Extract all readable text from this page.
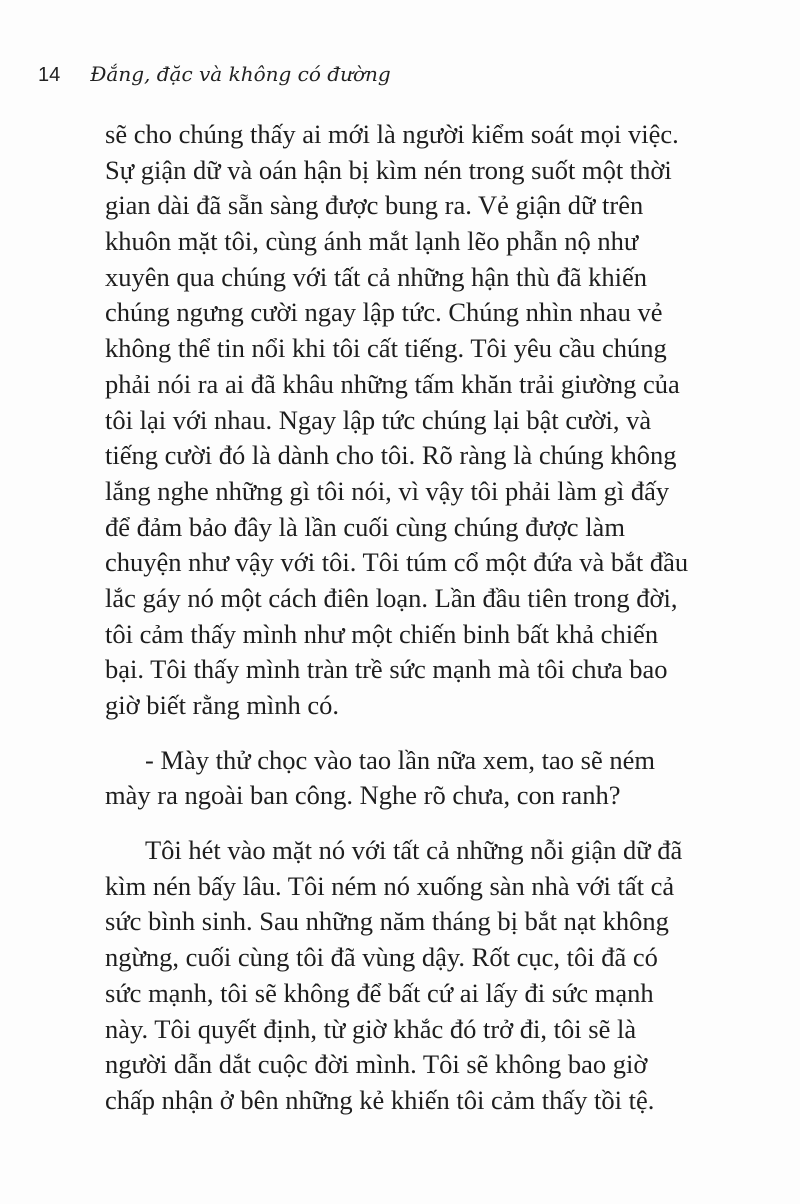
14 Đắng, đặc và không có đường
sẽ cho chúng thấy ai mới là người kiểm soát mọi việc.
Sự giận dữ và oán hận bị kìm nén trong suốt một thời
gian dài đã sẵn sàng được bung ra. Vẻ giận dữ trên
khuôn mặt tôi, cùng ánh mắt lạnh lẽo phẫn nộ như
xuyên qua chúng với tất cả những hận thù đã khiến
chúng ngưng cười ngay lập tức. Chúng nhìn nhau vẻ
không thể tin nổi khi tôi cất tiếng. Tôi yêu cầu chúng
phải nói ra ai đã khâu những tấm khăn trải giường của
tôi lại với nhau. Ngay lập tức chúng lại bật cười, và
tiếng cười đó là dành cho tôi. Rõ ràng là chúng không
lắng nghe những gì tôi nói, vì vậy tôi phải làm gì đấy
để đảm bảo đây là lần cuối cùng chúng được làm
chuyện như vậy với tôi. Tôi túm cổ một đứa và bắt đầu
lắc gáy nó một cách điên loạn. Lần đầu tiên trong đời,
tôi cảm thấy mình như một chiến binh bất khả chiến
bại. Tôi thấy mình tràn trề sức mạnh mà tôi chưa bao
giờ biết rằng mình có.
- Mày thử chọc vào tao lần nữa xem, tao sẽ ném
mày ra ngoài ban công. Nghe rõ chưa, con ranh?
Tôi hét vào mặt nó với tất cả những nỗi giận dữ đã
kìm nén bấy lâu. Tôi ném nó xuống sàn nhà với tất cả
sức bình sinh. Sau những năm tháng bị bắt nạt không
ngừng, cuối cùng tôi đã vùng dậy. Rốt cục, tôi đã có
sức mạnh, tôi sẽ không để bất cứ ai lấy đi sức mạnh
này. Tôi quyết định, từ giờ khắc đó trở đi, tôi sẽ là
người dẫn dắt cuộc đời mình. Tôi sẽ không bao giờ
chấp nhận ở bên những kẻ khiến tôi cảm thấy tồi tệ.
